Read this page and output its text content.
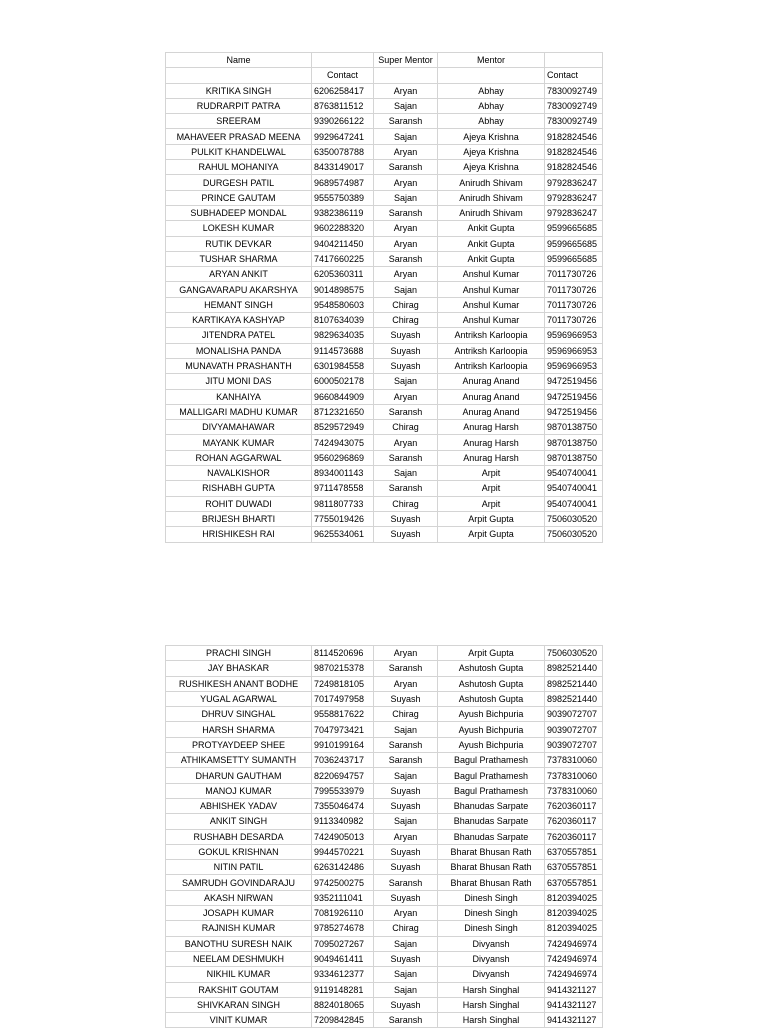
Name		Super Mentor	Mentor	
	Contact			Contact
KRITIKA SINGH	6206258417	Aryan	Abhay	7830092749
RUDRARPIT PATRA	8763811512	Sajan	Abhay	7830092749
SREERAM	9390266122	Saransh	Abhay	7830092749
MAHAVEER PRASAD MEENA	9929647241	Sajan	Ajeya Krishna	9182824546
PULKIT KHANDELWAL	6350078788	Aryan	Ajeya Krishna	9182824546
RAHUL MOHANIYA	8433149017	Saransh	Ajeya Krishna	9182824546
DURGESH PATIL	9689574987	Aryan	Anirudh Shivam	9792836247
PRINCE GAUTAM	9555750389	Sajan	Anirudh Shivam	9792836247
SUBHADEEP MONDAL	9382386119	Saransh	Anirudh Shivam	9792836247
LOKESH KUMAR	9602288320	Aryan	Ankit Gupta	9599665685
RUTIK DEVKAR	9404211450	Aryan	Ankit Gupta	9599665685
TUSHAR SHARMA	7417660225	Saransh	Ankit Gupta	9599665685
ARYAN ANKIT	6205360311	Aryan	Anshul Kumar	7011730726
GANGAVARAPU AKARSHYA	9014898575	Sajan	Anshul Kumar	7011730726
HEMANT SINGH	9548580603	Chirag	Anshul Kumar	7011730726
KARTIKAYA KASHYAP	8107634039	Chirag	Anshul Kumar	7011730726
JITENDRA PATEL	9829634035	Suyash	Antriksh Karloopia	9596966953
MONALISHA PANDA	9114573688	Suyash	Antriksh Karloopia	9596966953
MUNAVATH PRASHANTH	6301984558	Suyash	Antriksh Karloopia	9596966953
JITU MONI DAS	6000502178	Sajan	Anurag Anand	9472519456
KANHAIYA	9660844909	Aryan	Anurag Anand	9472519456
MALLIGARI MADHU KUMAR	8712321650	Saransh	Anurag Anand	9472519456
DIVYAMAHAWAR	8529572949	Chirag	Anurag Harsh	9870138750
MAYANK KUMAR	7424943075	Aryan	Anurag Harsh	9870138750
ROHAN AGGARWAL	9560296869	Saransh	Anurag Harsh	9870138750
NAVALKISHOR	8934001143	Sajan	Arpit	9540740041
RISHABH GUPTA	9711478558	Saransh	Arpit	9540740041
ROHIT DUWADI	9811807733	Chirag	Arpit	9540740041
BRIJESH BHARTI	7755019426	Suyash	Arpit Gupta	7506030520
HRISHIKESH RAI	9625534061	Suyash	Arpit Gupta	7506030520
PRACHI SINGH	8114520696	Aryan	Arpit Gupta	7506030520
JAY BHASKAR	9870215378	Saransh	Ashutosh Gupta	8982521440
RUSHIKESH ANANT BODHE	7249818105	Aryan	Ashutosh Gupta	8982521440
YUGAL AGARWAL	7017497958	Suyash	Ashutosh Gupta	8982521440
DHRUV SINGHAL	9558817622	Chirag	Ayush Bichpuria	9039072707
HARSH SHARMA	7047973421	Sajan	Ayush Bichpuria	9039072707
PROTYAYDEEP SHEE	9910199164	Saransh	Ayush Bichpuria	9039072707
ATHIKAMSETTY SUMANTH	7036243717	Saransh	Bagul Prathamesh	7378310060
DHARUN GAUTHAM	8220694757	Sajan	Bagul Prathamesh	7378310060
MANOJ KUMAR	7995533979	Suyash	Bagul Prathamesh	7378310060
ABHISHEK YADAV	7355046474	Suyash	Bhanudas Sarpate	7620360117
ANKIT SINGH	9113340982	Sajan	Bhanudas Sarpate	7620360117
RUSHABH DESARDA	7424905013	Aryan	Bhanudas Sarpate	7620360117
GOKUL KRISHNAN	9944570221	Suyash	Bharat Bhusan Rath	6370557851
NITIN PATIL	6263142486	Suyash	Bharat Bhusan Rath	6370557851
SAMRUDH GOVINDARAJU	9742500275	Saransh	Bharat Bhusan Rath	6370557851
AKASH NIRWAN	9352111041	Suyash	Dinesh Singh	8120394025
JOSAPH KUMAR	7081926110	Aryan	Dinesh Singh	8120394025
RAJNISH KUMAR	9785274678	Chirag	Dinesh Singh	8120394025
BANOTHU SURESH NAIK	7095027267	Sajan	Divyansh	7424946974
NEELAM DESHMUKH	9049461411	Suyash	Divyansh	7424946974
NIKHIL KUMAR	9334612377	Sajan	Divyansh	7424946974
RAKSHIT GOUTAM	9119148281	Sajan	Harsh Singhal	9414321127
SHIVKARAN SINGH	8824018065	Suyash	Harsh Singhal	9414321127
VINIT KUMAR	7209842845	Saransh	Harsh Singhal	9414321127
